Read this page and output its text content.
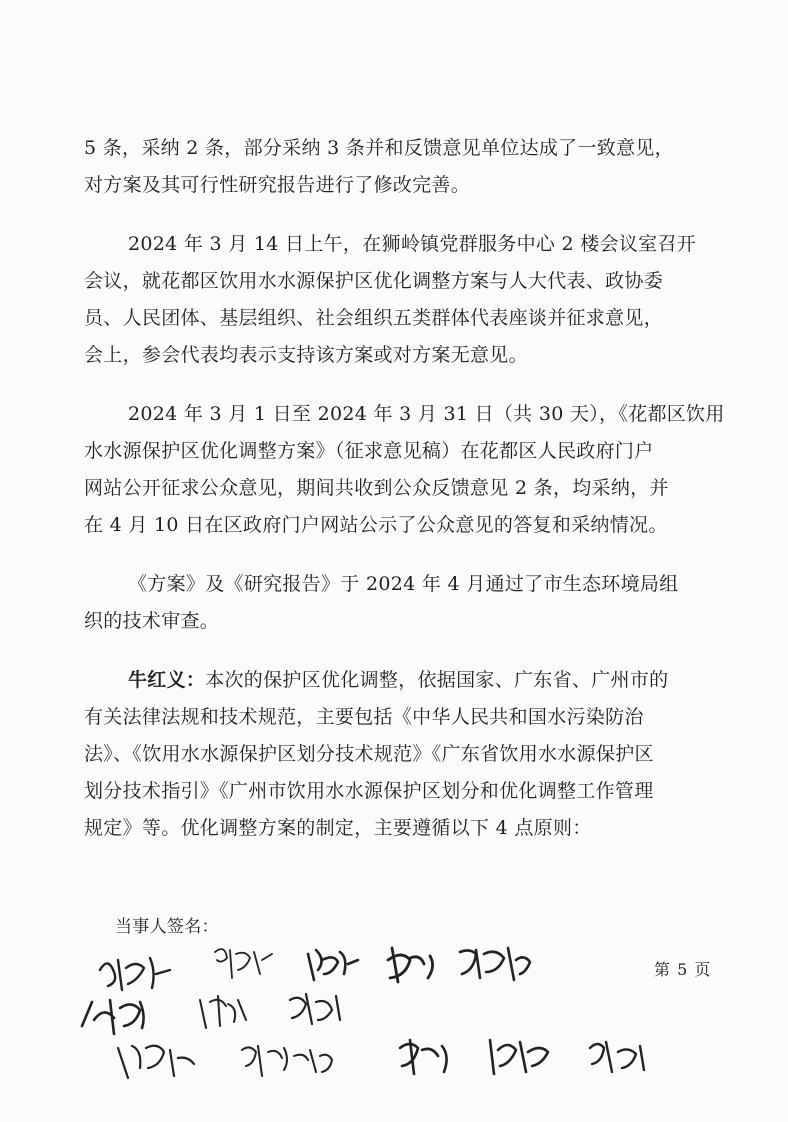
5 条，采纳 2 条，部分采纳 3 条并和反馈意见单位达成了一致意见，
对方案及其可行性研究报告进行了修改完善。

2024 年 3 月 14 日上午，在狮岭镇党群服务中心 2 楼会议室召开
会议，就花都区饮用水水源保护区优化调整方案与人大代表、政协委
员、人民团体、基层组织、社会组织五类群体代表座谈并征求意见，
会上，参会代表均表示支持该方案或对方案无意见。

2024 年 3 月 1 日至 2024 年 3 月 31 日（共 30 天），《花都区饮用
水水源保护区优化调整方案》（征求意见稿）在花都区人民政府门户
网站公开征求公众意见，期间共收到公众反馈意见 2 条，均采纳，并
在 4 月 10 日在区政府门户网站公示了公众意见的答复和采纳情况。

《方案》及《研究报告》于 2024 年 4 月通过了市生态环境局组
织的技术审查。

牛红义：本次的保护区优化调整，依据国家、广东省、广州市的
有关法律法规和技术规范，主要包括《中华人民共和国水污染防治
法》、《饮用水水源保护区划分技术规范》《广东省饮用水水源保护区
划分技术指引》《广州市饮用水水源保护区划分和优化调整工作管理
规定》等。优化调整方案的制定，主要遵循以下 4 点原则：

当事人签名：
第 5 页
